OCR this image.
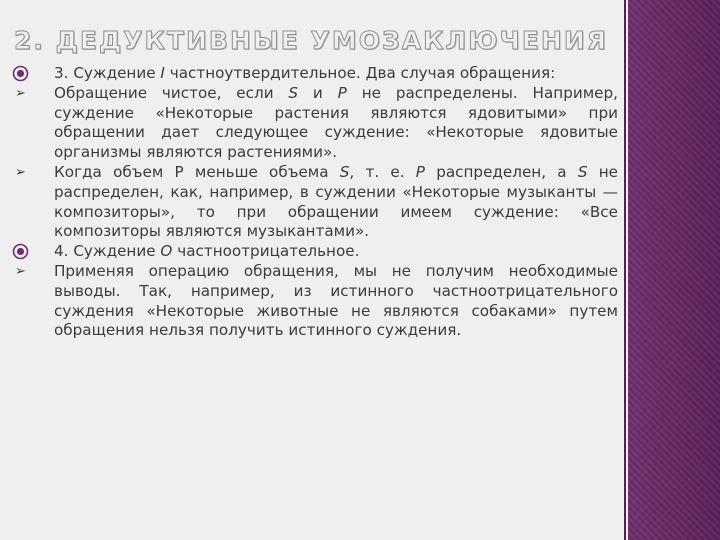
2. ДЕДУКТИВНЫЕ УМОЗАКЛЮЧЕНИЯ
3. Суждение I частноутвердительное. Два случая обращения:
➢ Обращение чистое, если S и P не распределены. Например, суждение «Некоторые растения являются ядовитыми» при обращении дает следующее суждение: «Некоторые ядовитые организмы являются растениями».
➢ Когда объем Р меньше объема S, т. е. Р распределен, а S не распределен, как, например, в суждении «Некоторые музыканты — композиторы», то при обращении имеем суждение: «Все композиторы являются музыкантами».
4. Суждение О частноотрицательное.
➢ Применяя операцию обращения, мы не получим необходимые выводы. Так, например, из истинного частноотрицательного суждения «Некоторые животные не являются собаками» путем обращения нельзя получить истинного суждения.
